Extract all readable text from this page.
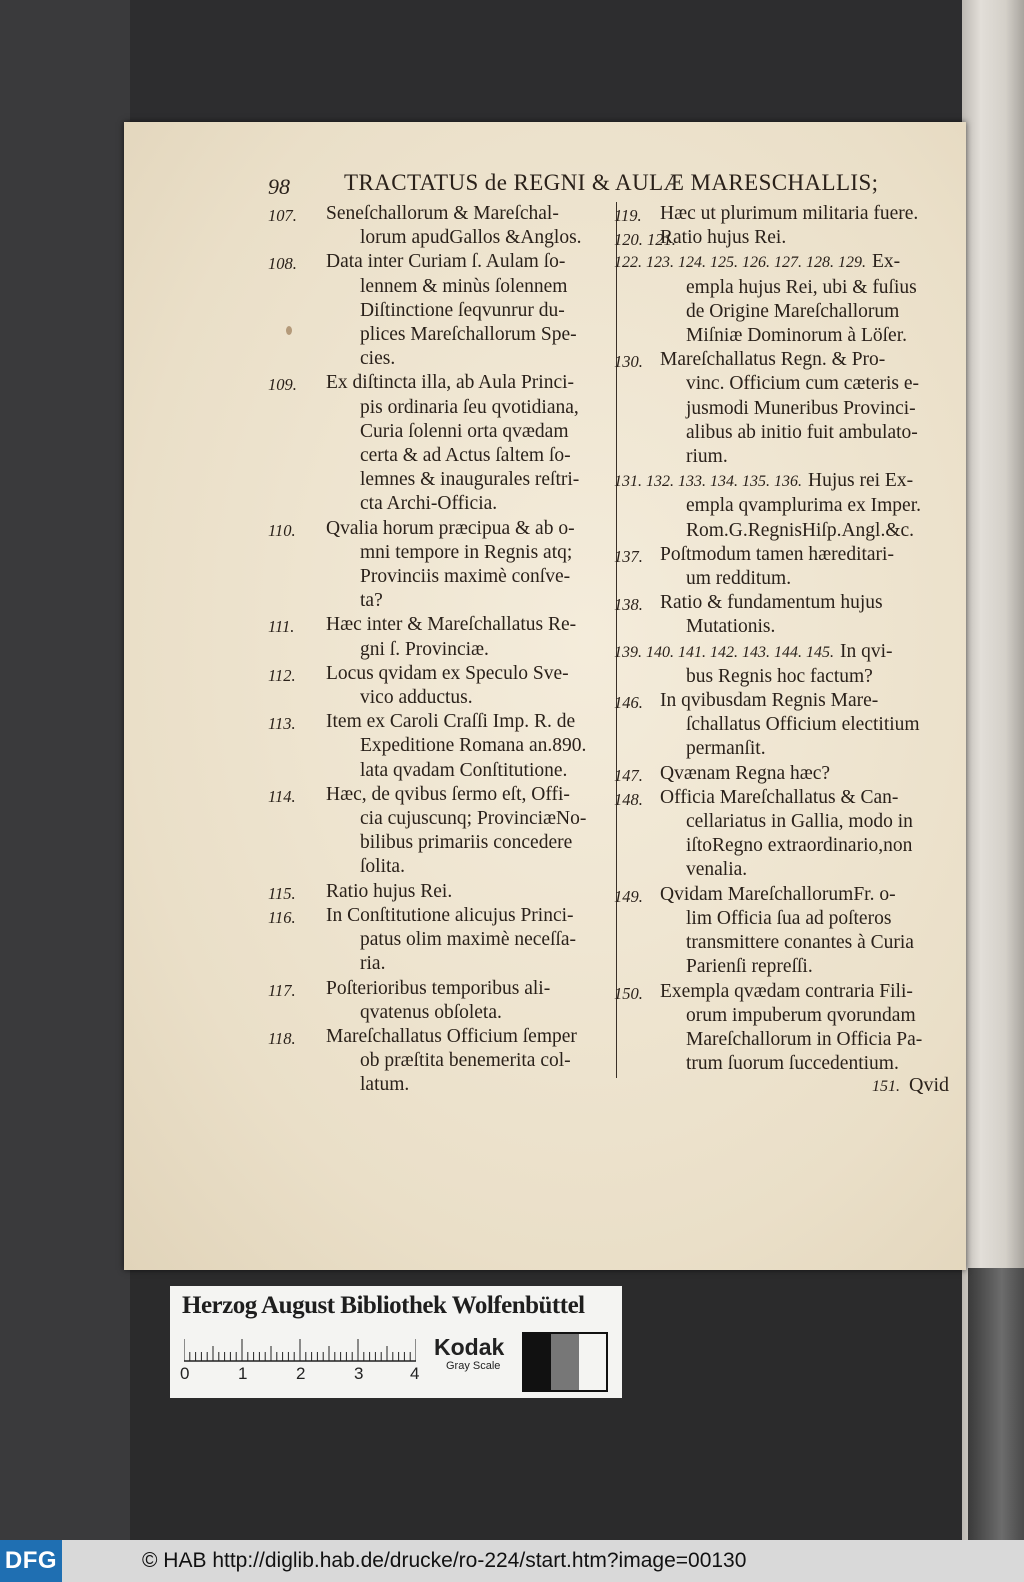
98 TRACTATUS de REGNI & AULÆ MARESCHALLIS;
107.	Seneſchallorum & Mareſchal-
lorum apudGallos &Anglos.
108.	Data inter Curiam ſ. Aulam ſo-
lennem & minùs ſolennem
Diſtinctione ſeqvunrur du-
plices Mareſchallorum Spe-
cies.
109.	Ex diſtincta illa, ab Aula Princi-
pis ordinaria ſeu qvotidiana,
Curia ſolenni orta qvædam
certa & ad Actus ſaltem ſo-
lemnes & inaugurales reſtri-
cta Archi-Officia.
110.	Qvalia horum præcipua & ab o-
mni tempore in Regnis atq;
Provinciis maximè conſve-
ta?
111.	Hæc inter & Mareſchallatus Re-
gni ſ. Provinciæ.
112.	Locus qvidam ex Speculo Sve-
vico adductus.
113.	Item ex Caroli Craſſi Imp. R. de
Expeditione Romana an.890.
lata qvadam Conſtitutione.
114.	Hæc, de qvibus ſermo eſt, Offi-
cia cujuscunq; ProvinciæNo-
bilibus primariis concedere
ſolita.
115.	Ratio hujus Rei.
116.	In Conſtitutione alicujus Princi-
patus olim maximè neceſſa-
ria.
117.	Poſterioribus temporibus ali-
qvatenus obſoleta.
118.	Mareſchallatus Officium ſemper
ob præſtita benemerita col-
latum.
119. Hæc ut plurimum militaria fuere.
120. 121.
Ratio hujus Rei.
122. 123. 124. 125. 126. 127. 128. 129. Ex-
empla hujus Rei, ubi & fuſius
de Origine Mareſchallorum
Miſniæ Dominorum à Löſer.
130. Mareſchallatus Regn. & Pro-
vinc. Officium cum cæteris e-
jusmodi Muneribus Provinci-
alibus ab initio fuit ambulato-
rium.
131. 132. 133. 134. 135. 136. Hujus rei Ex-
empla qvamplurima ex Imper.
Rom.G.RegnisHiſp.Angl.&c.
137. Poſtmodum tamen hæreditari-
um redditum.
138. Ratio & fundamentum hujus
Mutationis.
139. 140. 141. 142. 143. 144. 145. In qvi-
bus Regnis hoc factum?
146. In qvibusdam Regnis Mare-
ſchallatus Officium electitium
permanſit.
147. Qvænam Regna hæc?
148. Officia Mareſchallatus & Can-
cellariatus in Gallia, modo in
iſtoRegno extraordinario,non
venalia.
149. Qvidam MareſchallorumFr. o-
lim Officia ſua ad poſteros
transmittere conantes à Curia
Parienſi repreſſi.
150. Exempla qvædam contraria Fili-
orum impuberum qvorundam
Mareſchallorum in Officia Pa-
trum ſuorum ſuccedentium.
151. Qvid
Herzog August Bibliothek Wolfenbüttel
0	1	2	3	4
Kodak
Gray Scale
DFG	© HAB http://diglib.hab.de/drucke/ro-224/start.htm?image=00130
